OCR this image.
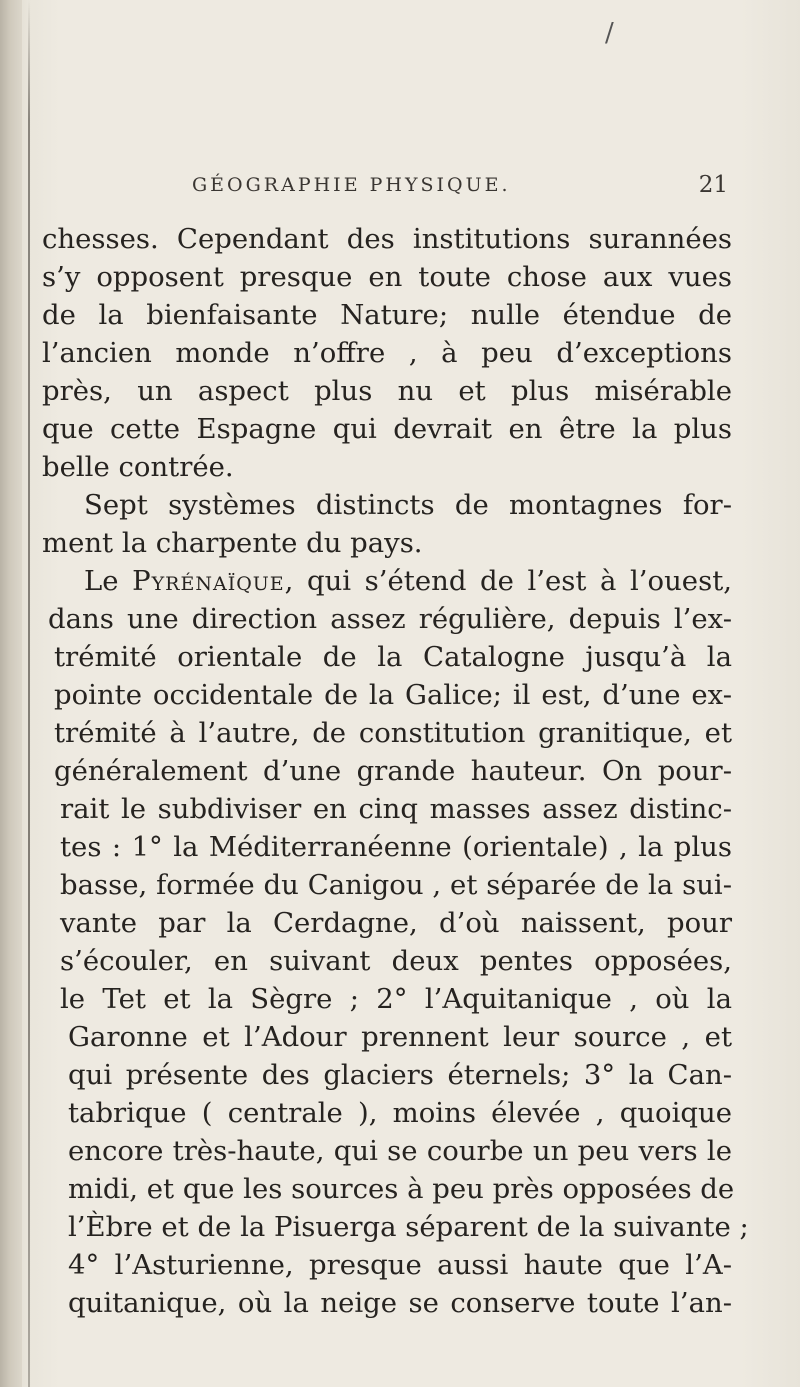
/
GÉOGRAPHIE PHYSIQUE.	21
chesses. Cependant des institutions surannées
s’y opposent presque en toute chose aux vues
de la bienfaisante Nature; nulle étendue de
l’ancien monde n’offre , à peu d’exceptions
près, un aspect plus nu et plus misérable
que cette Espagne qui devrait en être la plus
belle contrée.
Sept systèmes distincts de montagnes for-
ment la charpente du pays.
Le Pyrénaïque, qui s’étend de l’est à l’ouest,
dans une direction assez régulière, depuis l’ex-
trémité orientale de la Catalogne jusqu’à la
pointe occidentale de la Galice; il est, d’une ex-
trémité à l’autre, de constitution granitique, et
généralement d’une grande hauteur. On pour-
rait le subdiviser en cinq masses assez distinc-
tes : 1° la Méditerranéenne (orientale) , la plus
basse, formée du Canigou , et séparée de la sui-
vante par la Cerdagne, d’où naissent, pour
s’écouler, en suivant deux pentes opposées,
le Tet et la Sègre ; 2° l’Aquitanique , où la
Garonne et l’Adour prennent leur source , et
qui présente des glaciers éternels; 3° la Can-
tabrique ( centrale ), moins élevée , quoique
encore très-haute, qui se courbe un peu vers le
midi, et que les sources à peu près opposées de
l’Èbre et de la Pisuerga séparent de la suivante ;
4° l’Asturienne, presque aussi haute que l’A-
quitanique, où la neige se conserve toute l’an-
